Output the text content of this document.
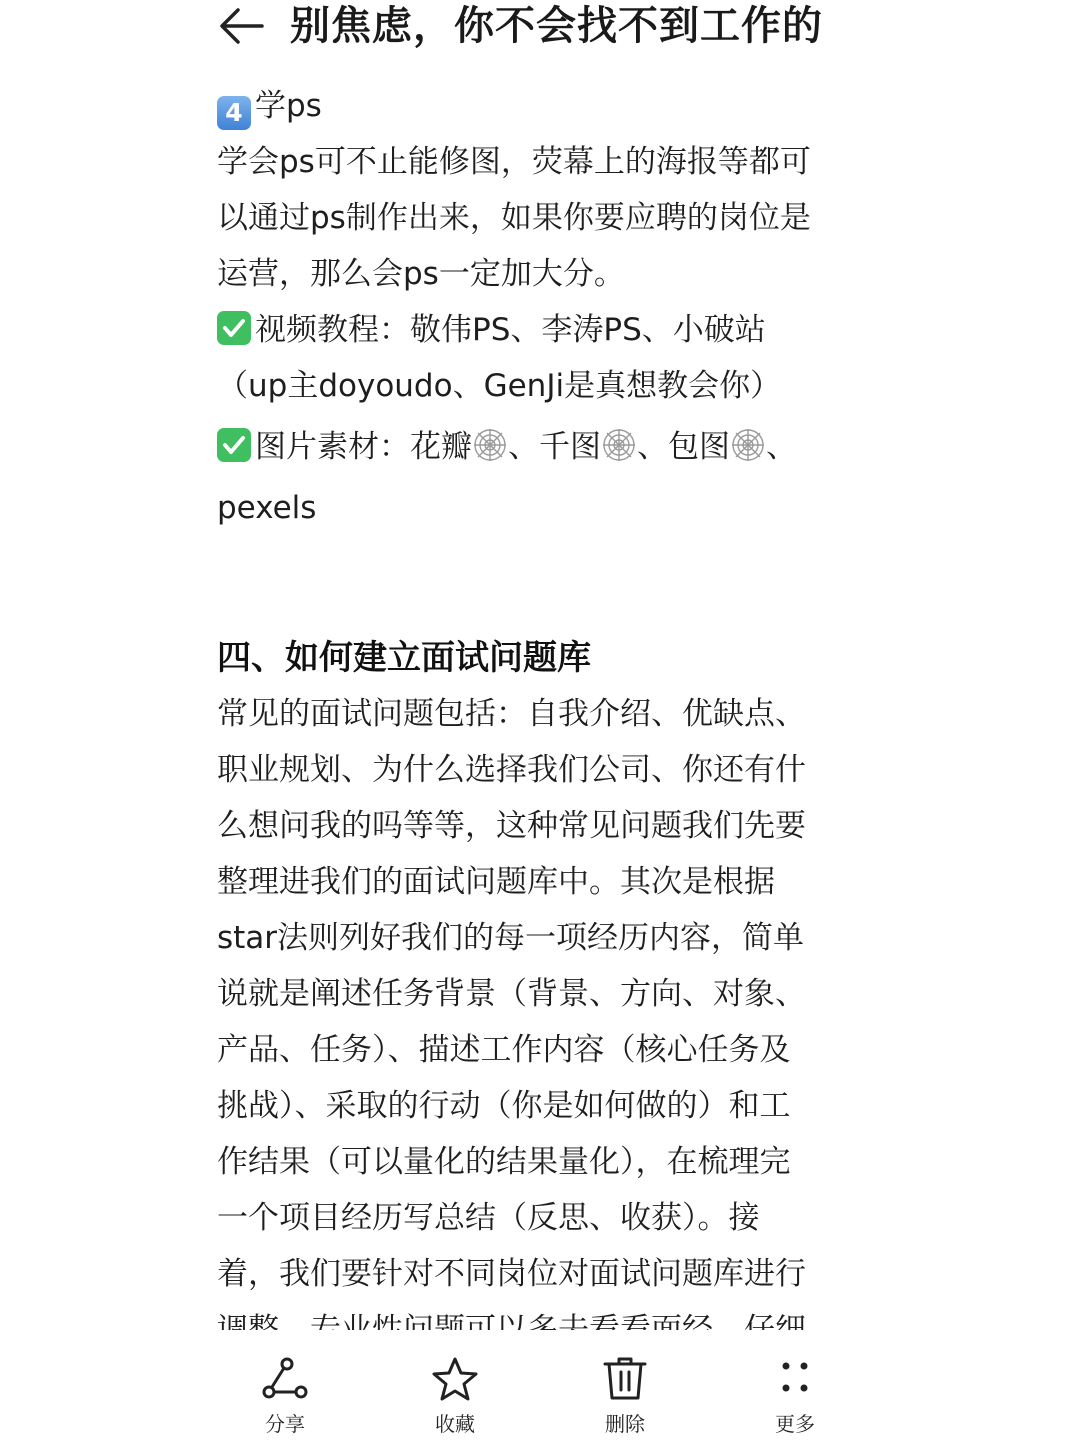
别焦虑，你不会找不到工作的
4 学ps
学会ps可不止能修图，荧幕上的海报等都可
以通过ps制作出来，如果你要应聘的岗位是
运营，那么会ps一定加大分。
视频教程：敬伟PS、李涛PS、小破站
（up主doyoudo、GenJi是真想教会你）
图片素材：花瓣 、千图 、包图 、
pexels
四、如何建立面试问题库
常见的面试问题包括：自我介绍、优缺点、
职业规划、为什么选择我们公司、你还有什
么想问我的吗等等，这种常见问题我们先要
整理进我们的面试问题库中。其次是根据
star法则列好我们的每一项经历内容，简单
说就是阐述任务背景（背景、方向、对象、
产品、任务）、描述工作内容（核心任务及
挑战）、采取的行动（你是如何做的）和工
作结果（可以量化的结果量化），在梳理完
一个项目经历写总结（反思、收获）。接
着，我们要针对不同岗位对面试问题库进行
分享	收藏	删除	更多
